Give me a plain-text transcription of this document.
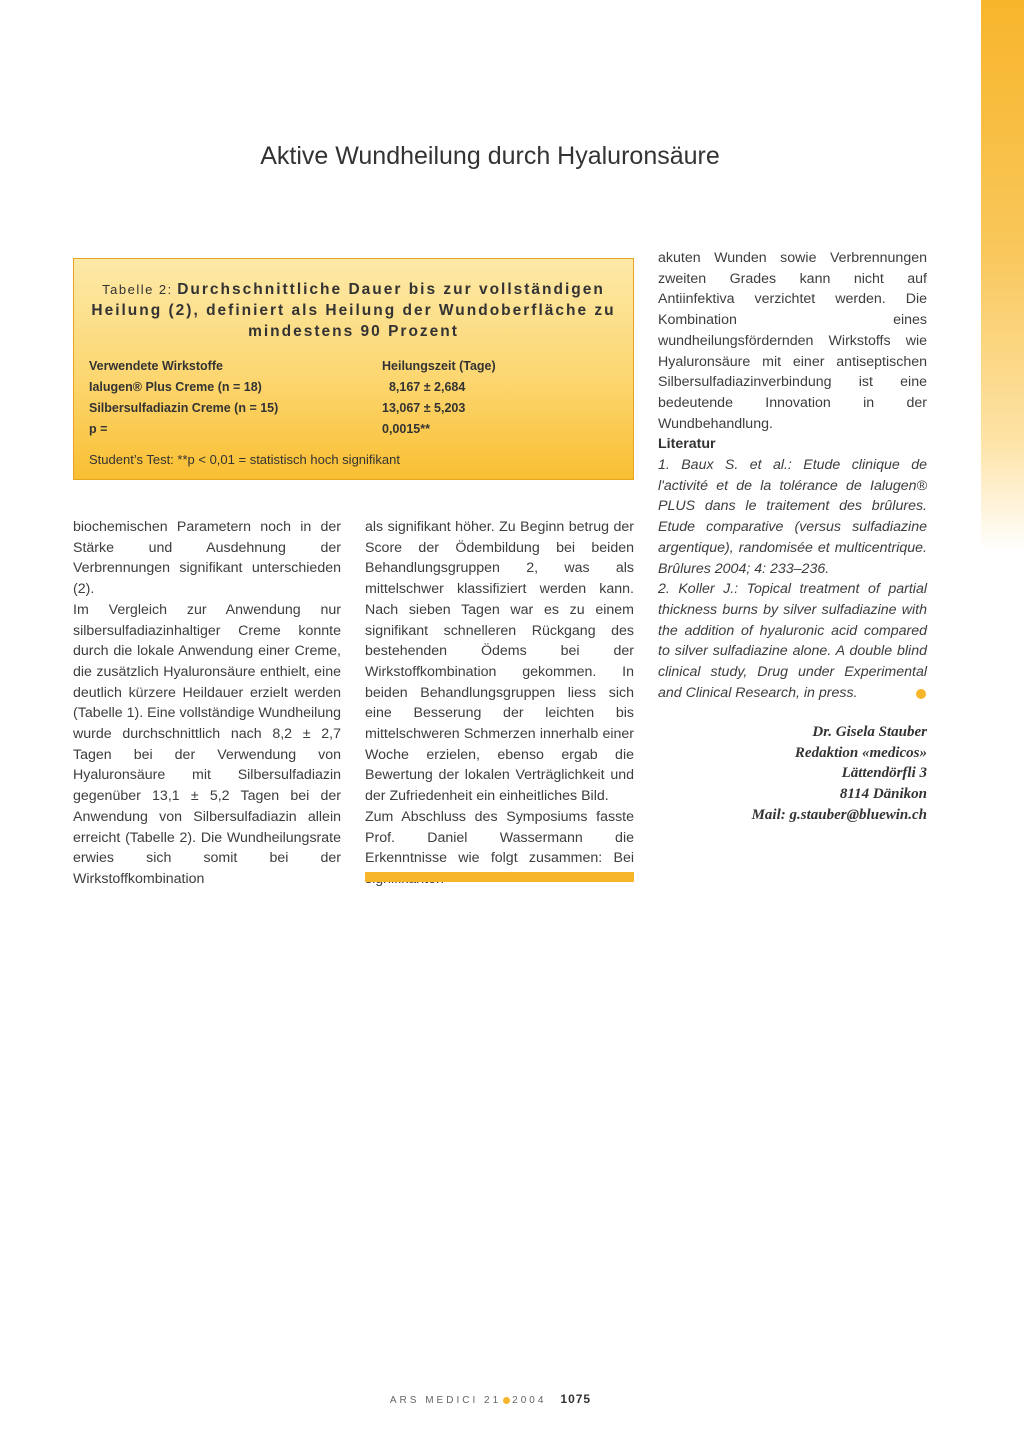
Aktive Wundheilung durch Hyaluronsäure
Tabelle 2: Durchschnittliche Dauer bis zur vollständigen Heilung (2), definiert als Heilung der Wundoberfläche zu mindestens 90 Prozent
Verwendete Wirkstoffe	Heilungszeit (Tage)
Ialugen® Plus Creme (n = 18)	8,167 ± 2,684
Silbersulfadiazin Creme (n = 15)	13,067 ± 5,203
p =	0,0015**
Student’s Test: **p < 0,01 = statistisch hoch signifikant

biochemischen Parametern noch in der Stärke und Ausdehnung der Verbrennungen signifikant unterschieden (2).

Im Vergleich zur Anwendung nur silbersulfadiazinhaltiger Creme konnte durch die lokale Anwendung einer Creme, die zusätzlich Hyaluronsäure enthielt, eine deutlich kürzere Heildauer erzielt werden (Tabelle 1). Eine vollständige Wundheilung wurde durchschnittlich nach 8,2 ± 2,7 Tagen bei der Verwendung von Hyaluronsäure mit Silbersulfadiazin gegenüber 13,1 ± 5,2 Tagen bei der Anwendung von Silbersulfadiazin allein erreicht (Tabelle 2). Die Wundheilungsrate erwies sich somit bei der Wirkstoffkombination

als signifikant höher. Zu Beginn betrug der Score der Ödembildung bei beiden Behandlungsgruppen 2, was als mittelschwer klassifiziert werden kann. Nach sieben Tagen war es zu einem signifikant schnelleren Rückgang des bestehenden Ödems bei der Wirkstoffkombination gekommen. In beiden Behandlungsgruppen liess sich eine Besserung der leichten bis mittelschweren Schmerzen innerhalb einer Woche erzielen, ebenso ergab die Bewertung der lokalen Verträglichkeit und der Zufriedenheit ein einheitliches Bild.

Zum Abschluss des Symposiums fasste Prof. Daniel Wassermann die Erkenntnisse wie folgt zusammen: Bei

akuten Wunden sowie Verbrennungen zweiten Grades kann nicht auf Antiinfektiva verzichtet werden. Die Kombination eines wundheilungsfördernden Wirkstoffs wie Hyaluronsäure mit einer antiseptischen Silbersulfadiazinverbindung ist eine bedeutende Innovation in der Wundbehandlung.

Literatur

1. Baux S. et al.: Etude clinique de l'activité et de la tolérance de Ialugen® PLUS dans le traitement des brûlures. Etude comparative (versus sulfadiazine argentique), randomisée et multicentrique. Brûlures 2004; 4: 233–236.

2. Koller J.: Topical treatment of partial thickness burns by silver sulfadiazine with the addition of hyaluronic acid compared to silver sulfadiazine alone. A double blind clinical study, Drug under Experimental and Clinical Research, in press.

Dr. Gisela Stauber
Redaktion «medicos»
Lättendörfli 3
8114 Dänikon
Mail: g.stauber@bluewin.ch
ARS MEDICI 21 2004 1075
